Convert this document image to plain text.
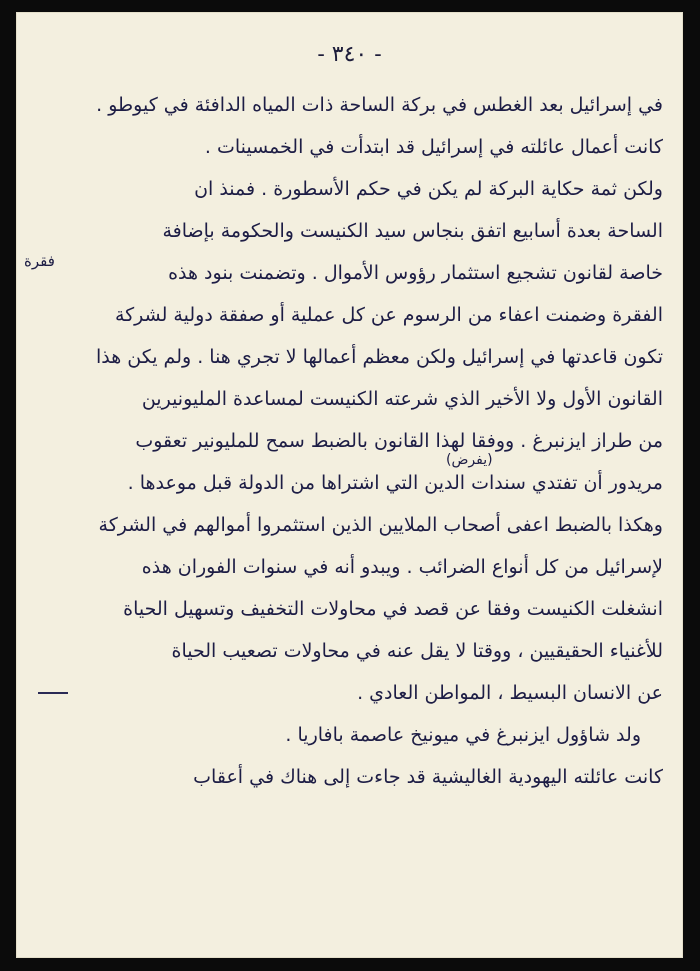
- ٣٤٠ -
في إسرائيل بعد الغطس في بركة الساحة ذات المياه الدافئة في كيوطو .
كانت أعمال عائلته في إسرائيل قد ابتدأت في الخمسينات .
ولكن ثمة حكاية البركة لم يكن في حكم الأسطورة . فمنذ ان
الساحة بعدة أسابيع اتفق بنجاس سيد الكنيست والحكومة بإضافة
خاصة لقانون تشجيع استثمار رؤوس الأموال . وتضمنت بنود هذه
الفقرة وضمنت اعفاء من الرسوم عن كل عملية أو صفقة دولية لشركة
تكون قاعدتها في إسرائيل ولكن معظم أعمالها لا تجري هنا . ولم يكن هذا
القانون الأول ولا الأخير الذي شرعته الكنيست لمساعدة المليونيرين
من طراز ايزنبرغ . ووفقا لهذا القانون بالضبط سمح للمليونير تعقوب
مريدور أن تفتدي سندات الدين التي اشتراها من الدولة قبل موعدها .
وهكذا بالضبط اعفى أصحاب الملايين الذين استثمروا أموالهم في الشركة
لإسرائيل من كل أنواع الضرائب . ويبدو أنه في سنوات الفوران هذه
انشغلت الكنيست وفقا عن قصد في محاولات التخفيف وتسهيل الحياة
للأغنياء الحقيقيين ، ووقتا لا يقل عنه في محاولات تصعيب الحياة
عن الانسان البسيط ، المواطن العادي .
ولد شاؤول ايزنبرغ في ميونيخ عاصمة بافاريا .
كانت عائلته اليهودية الغاليشية قد جاءت إلى هناك في أعقاب
فقرة
(يفرض)
